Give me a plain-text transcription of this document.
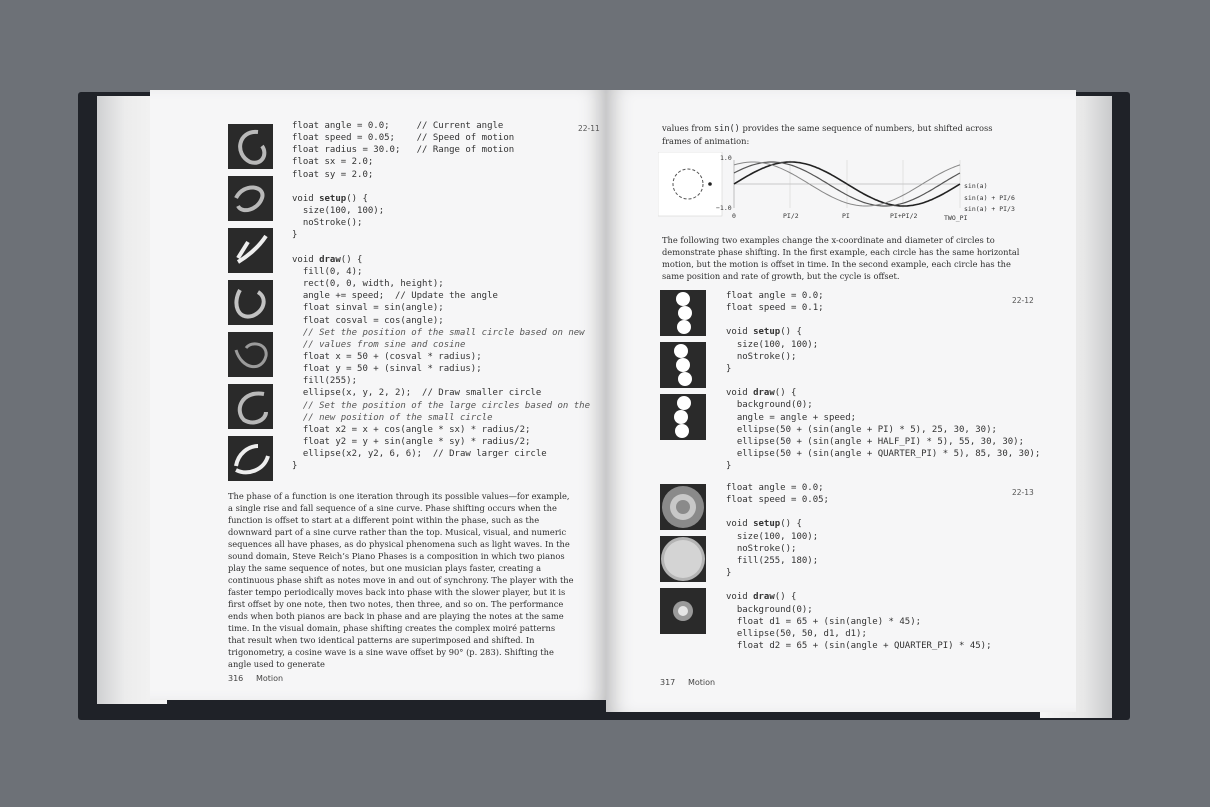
float angle = 0.0;     // Current angle
float speed = 0.05;    // Speed of motion
float radius = 30.0;   // Range of motion
float sx = 2.0;
float sy = 2.0;

void setup() {
size(100, 100);
noStroke();
}

void draw() {
fill(0, 4);
rect(0, 0, width, height);
angle += speed;  // Update the angle
float sinval = sin(angle);
float cosval = cos(angle);
// Set the position of the small circle based on new
// values from sine and cosine
float x = 50 + (cosval * radius);
float y = 50 + (sinval * radius);
fill(255);
ellipse(x, y, 2, 2);  // Draw smaller circle
// Set the position of the large circles based on the
// new position of the small circle
float x2 = x + cos(angle * sx) * radius/2;
float y2 = y + sin(angle * sy) * radius/2;
ellipse(x2, y2, 6, 6);  // Draw larger circle
}
22-11

The phase of a function is one iteration through its possible values—for example, a single rise and fall sequence of a sine curve. Phase shifting occurs when the function is offset to start at a different point within the phase, such as the downward part of a sine curve rather than the top. Musical, visual, and numeric sequences all have phases, as do physical phenomena such as light waves. In the sound domain, Steve Reich’s Piano Phases is a composition in which two pianos play the same sequence of notes, but one musician plays faster, creating a continuous phase shift as notes move in and out of synchrony. The player with the faster tempo periodically moves back into phase with the slower player, but it is first offset by one note, then two notes, then three, and so on. The performance ends when both pianos are back in phase and are playing the notes at the same time. In the visual domain, phase shifting creates the complex moiré patterns that result when two identical patterns are superimposed and shifted. In trigonometry, a cosine wave is a sine wave offset by 90° (p. 283). Shifting the angle used to generate

316 Motion

values from sin() provides the same sequence of numbers, but shifted across frames of animation:

1.0
−1.0
0	PI/2	PI	PI+PI/2	TWO_PI
sin(a)
sin(a) + PI/6
sin(a) + PI/3

The following two examples change the x-coordinate and diameter of circles to demonstrate phase shifting. In the first example, each circle has the same horizontal motion, but the motion is offset in time. In the second example, each circle has the same position and rate of growth, but the cycle is offset.

float angle = 0.0;
float speed = 0.1;

void setup() {
size(100, 100);
noStroke();
}

void draw() {
background(0);
angle = angle + speed;
ellipse(50 + (sin(angle + PI) * 5), 25, 30, 30);
ellipse(50 + (sin(angle + HALF_PI) * 5), 55, 30, 30);
ellipse(50 + (sin(angle + QUARTER_PI) * 5), 85, 30, 30);
}
22-12
float angle = 0.0;
float speed = 0.05;

void setup() {
size(100, 100);
noStroke();
fill(255, 180);
}

void draw() {
background(0);
float d1 = 65 + (sin(angle) * 45);
ellipse(50, 50, d1, d1);
float d2 = 65 + (sin(angle + QUARTER_PI) * 45);
22-13
317 Motion
